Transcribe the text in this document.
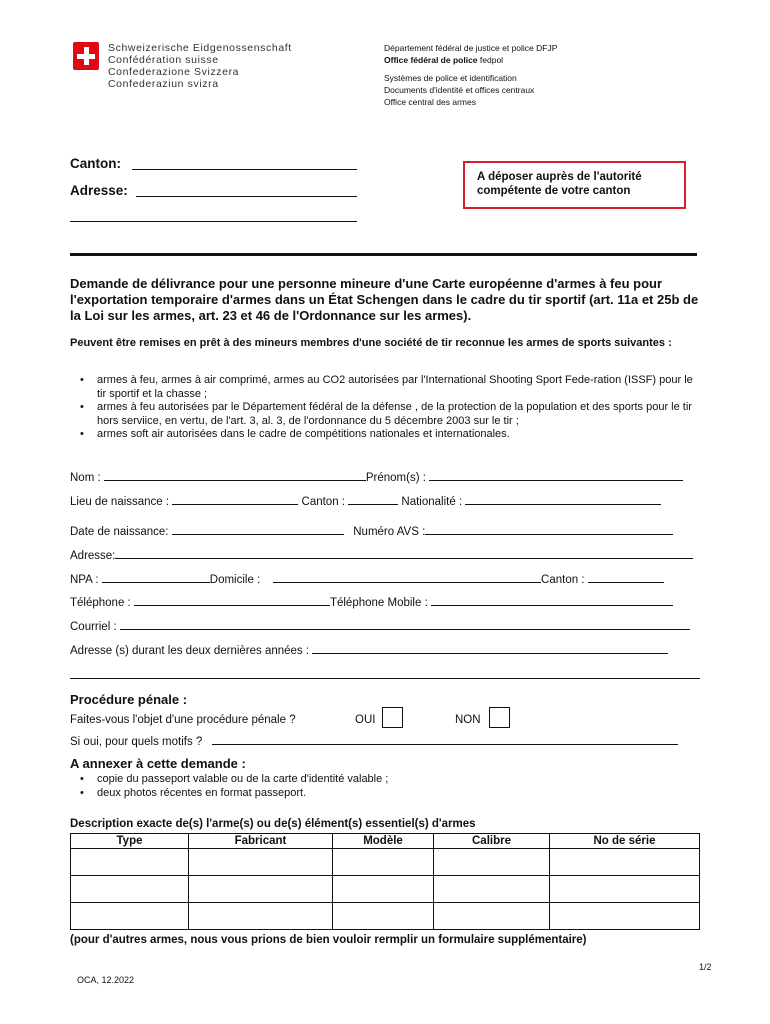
Schweizerische Eidgenossenschaft
Confédération suisse
Confederazione Svizzera
Confederaziun svizra
Département fédéral de justice et police DFJP
Office fédéral de police fedpol
Systèmes de police et identification
Documents d'identité et offices centraux
Office central des armes
Canton:
Adresse:
A déposer auprès de l'autorité
compétente de votre canton
Demande de délivrance pour une personne mineure d'une Carte européenne d'armes à feu pour l'exportation temporaire d'armes dans un État Schengen dans le cadre du tir sportif (art. 11a et 25b de la Loi sur les armes, art. 23 et 46 de l'Ordonnance sur les armes).
Peuvent être remises en prêt à des mineurs membres d'une société de tir reconnue les armes de sports suivantes :
• armes à feu, armes à air comprimé, armes au CO2 autorisées par l'International Shooting Sport Fede-ration (ISSF) pour le tir sportif et la chasse ;
• armes à feu autorisées par le Département fédéral de la défense , de la protection de la population et des sports pour le tir hors serviice, en vertu, de l'art. 3, al. 3, de l'ordonnance du 5 décembre 2003 sur le tir ;
• armes soft air autorisées dans le cadre de compétitions nationales et internationales.
Nom :	Prénom(s) :
Lieu de naissance :	Canton :	Nationalité :
Date de naissance:	Numéro AVS :
Adresse:
NPA :	Domicile :	Canton :
Téléphone :	Téléphone Mobile :
Courriel :
Adresse (s) durant les deux dernières années :
Procédure pénale :
Faites-vous l'objet d'une procédure pénale ?	OUI	NON
Si oui, pour quels motifs ?
A annexer à cette demande :
• copie du passeport valable ou de la carte d'identité valable ;
• deux photos récentes en format passeport.
Description exacte de(s) l'arme(s) ou de(s) élément(s) essentiel(s) d'armes
Type	Fabricant	Modèle	Calibre	No de série

(pour d'autres armes, nous vous prions de bien vouloir rermplir un formulaire supplémentaire)
1/2
OCA, 12.2022
